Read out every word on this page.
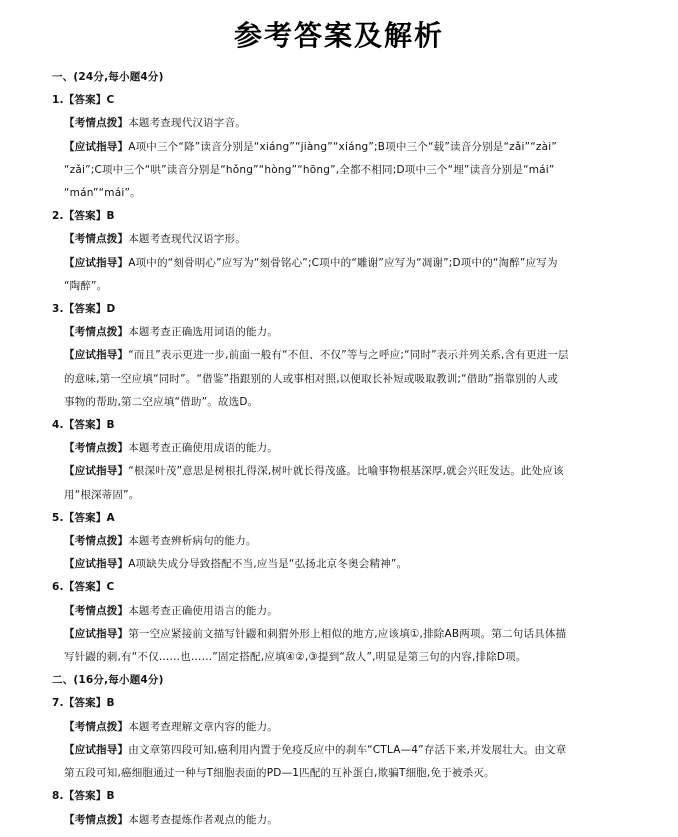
参考答案及解析
一、(24分,每小题4分)
1.【答案】C
【考情点拨】本题考查现代汉语字音。
【应试指导】A项中三个“降”读音分别是“xiáng”“jiàng”“xiáng”;B项中三个“载”读音分别是“zǎi”“zài”
“zǎi”;C项中三个“哄”读音分别是“hǒng”“hòng”“hōng”,全都不相同;D项中三个“埋”读音分别是“mái”
“mán”“mái”。
2.【答案】B
【考情点拨】本题考查现代汉语字形。
【应试指导】A项中的“刻骨明心”应写为“刻骨铭心”;C项中的“雕谢”应写为“凋谢”;D项中的“淘醉”应写为
“陶醉”。
3.【答案】D
【考情点拨】本题考查正确选用词语的能力。
【应试指导】“而且”表示更进一步,前面一般有“不但、不仅”等与之呼应;“同时”表示并列关系,含有更进一层
的意味,第一空应填“同时”。“借鉴”指跟别的人或事相对照,以便取长补短或吸取教训;“借助”指靠别的人或
事物的帮助,第二空应填“借助”。故选D。
4.【答案】B
【考情点拨】本题考查正确使用成语的能力。
【应试指导】“根深叶茂”意思是树根扎得深,树叶就长得茂盛。比喻事物根基深厚,就会兴旺发达。此处应该
用“根深蒂固”。
5.【答案】A
【考情点拨】本题考查辨析病句的能力。
【应试指导】A项缺失成分导致搭配不当,应当是“弘扬北京冬奥会精神”。
6.【答案】C
【考情点拨】本题考查正确使用语言的能力。
【应试指导】第一空应紧接前文描写针鼹和刺猬外形上相似的地方,应该填①,排除AB两项。第二句话具体描
写针鼹的刺,有“不仅……也……”固定搭配,应填④②,③提到“敌人”,明显是第三句的内容,排除D项。
二、(16分,每小题4分)
7.【答案】B
【考情点拨】本题考查理解文章内容的能力。
【应试指导】由文章第四段可知,癌利用内置于免疫反应中的刹车“CTLA—4”存活下来,并发展壮大。由文章
第五段可知,癌细胞通过一种与T细胞表面的PD—1匹配的互补蛋白,欺骗T细胞,免于被杀灭。
8.【答案】B
【考情点拨】本题考查提炼作者观点的能力。
